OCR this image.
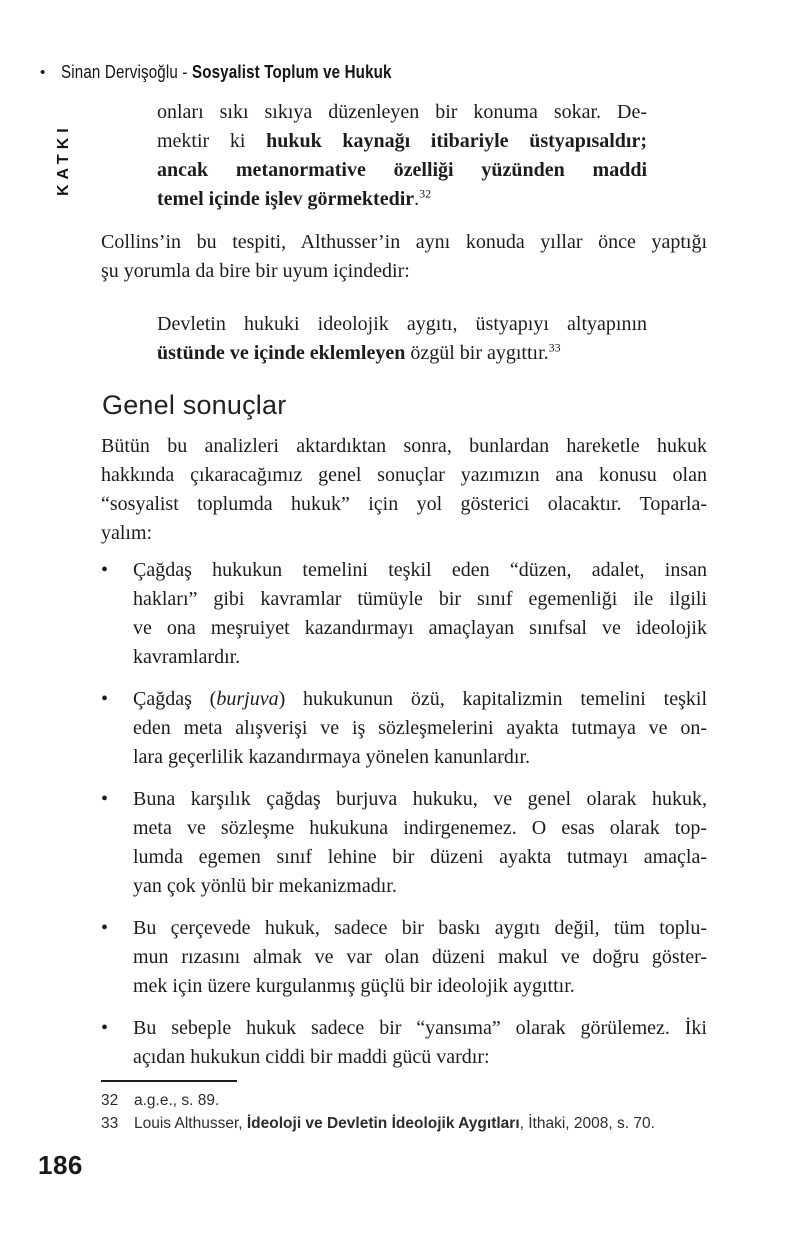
• Sinan Dervişoğlu - Sosyalist Toplum ve Hukuk
KATKI
onları sıkı sıkıya düzenleyen bir konuma sokar. De-
mektir ki hukuk kaynağı itibariyle üstyapısaldır;
ancak metanormative özelliği yüzünden maddi
temel içinde işlev görmektedir.$^{32}$
Collins’in bu tespiti, Althusser’in aynı konuda yıllar önce yaptığı
şu yorumla da bire bir uyum içindedir:
Devletin hukuki ideolojik aygıtı, üstyapıyı altyapının
üstünde ve içinde eklemleyen özgül bir aygıttır.$^{33}$
Genel sonuçlar
Bütün bu analizleri aktardıktan sonra, bunlardan hareketle hukuk
hakkında çıkaracağımız genel sonuçlar yazımızın ana konusu olan
“sosyalist toplumda hukuk” için yol gösterici olacaktır. Toparla-
yalım:
•	Çağdaş hukukun temelini teşkil eden “düzen, adalet, insan
hakları” gibi kavramlar tümüyle bir sınıf egemenliği ile ilgili
ve ona meşruiyet kazandırmayı amaçlayan sınıfsal ve ideolojik
kavramlardır.
•	Çağdaş (burjuva) hukukunun özü, kapitalizmin temelini teşkil
eden meta alışverişi ve iş sözleşmelerini ayakta tutmaya ve on-
lara geçerlilik kazandırmaya yönelen kanunlardır.
•	Buna karşılık çağdaş burjuva hukuku, ve genel olarak hukuk,
meta ve sözleşme hukukuna indirgenemez. O esas olarak top-
lumda egemen sınıf lehine bir düzeni ayakta tutmayı amaçla-
yan çok yönlü bir mekanizmadır.
•	Bu çerçevede hukuk, sadece bir baskı aygıtı değil, tüm toplu-
mun rızasını almak ve var olan düzeni makul ve doğru göster-
mek için üzere kurgulanmış güçlü bir ideolojik aygıttır.
•	Bu sebeple hukuk sadece bir “yansıma” olarak görülemez. İki
açıdan hukukun ciddi bir maddi gücü vardır:
32	a.g.e., s. 89.
33	Louis Althusser, İdeoloji ve Devletin İdeolojik Aygıtları, İthaki, 2008, s. 70.
186
